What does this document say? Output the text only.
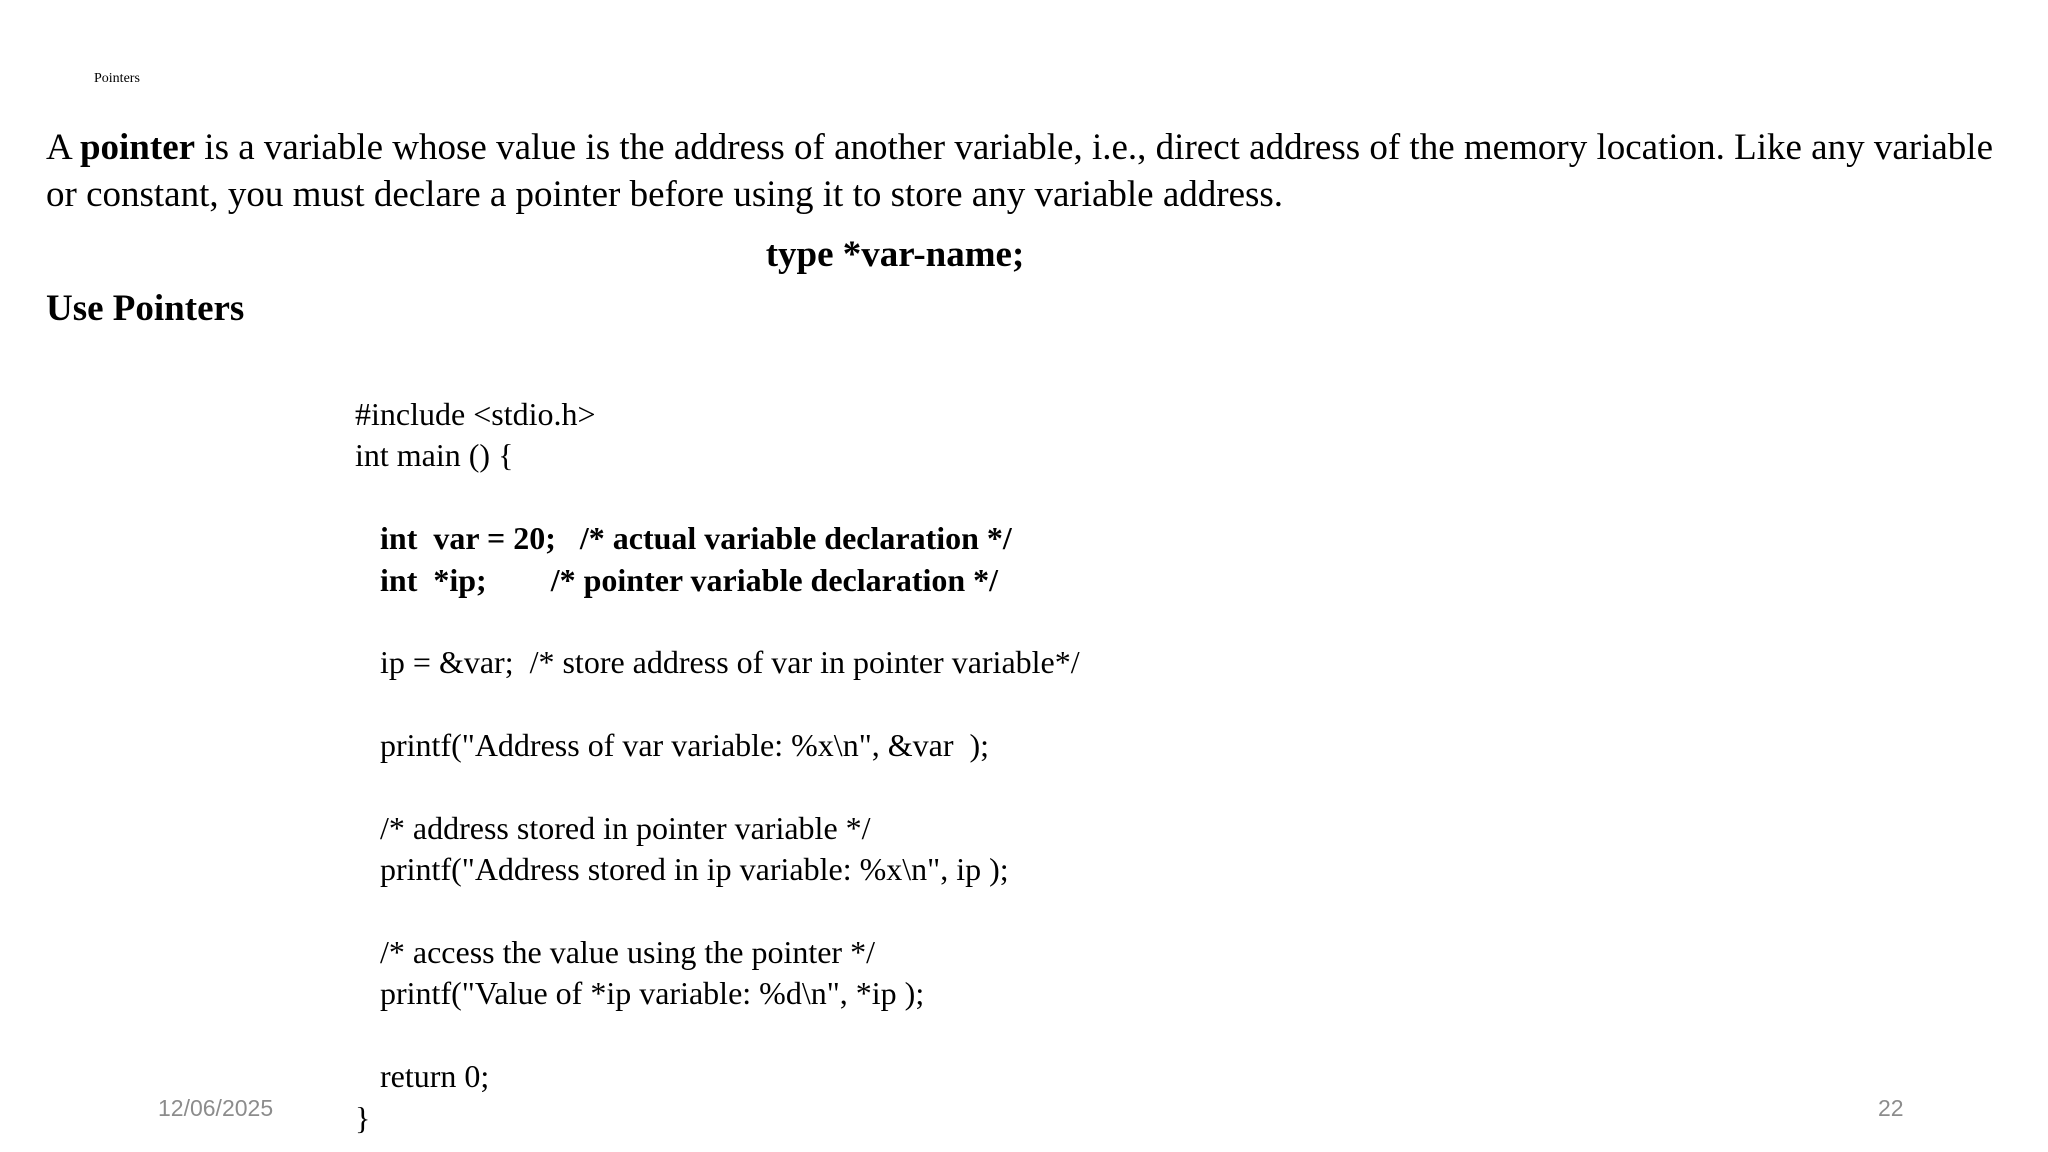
Pointers

A pointer is a variable whose value is the address of another variable, i.e., direct address of the memory location. Like any variable or constant, you must declare a pointer before using it to store any variable address.

type *var-name;
Use Pointers
#include <stdio.h>
int main () {
int  var = 20;   /* actual variable declaration */
int  *ip;        /* pointer variable declaration */
ip = &var;  /* store address of var in pointer variable*/
printf("Address of var variable: %x\n", &var  );
/* address stored in pointer variable */
printf("Address stored in ip variable: %x\n", ip );
/* access the value using the pointer */
printf("Value of *ip variable: %d\n", *ip );
return 0;
}
12/06/2025	22
